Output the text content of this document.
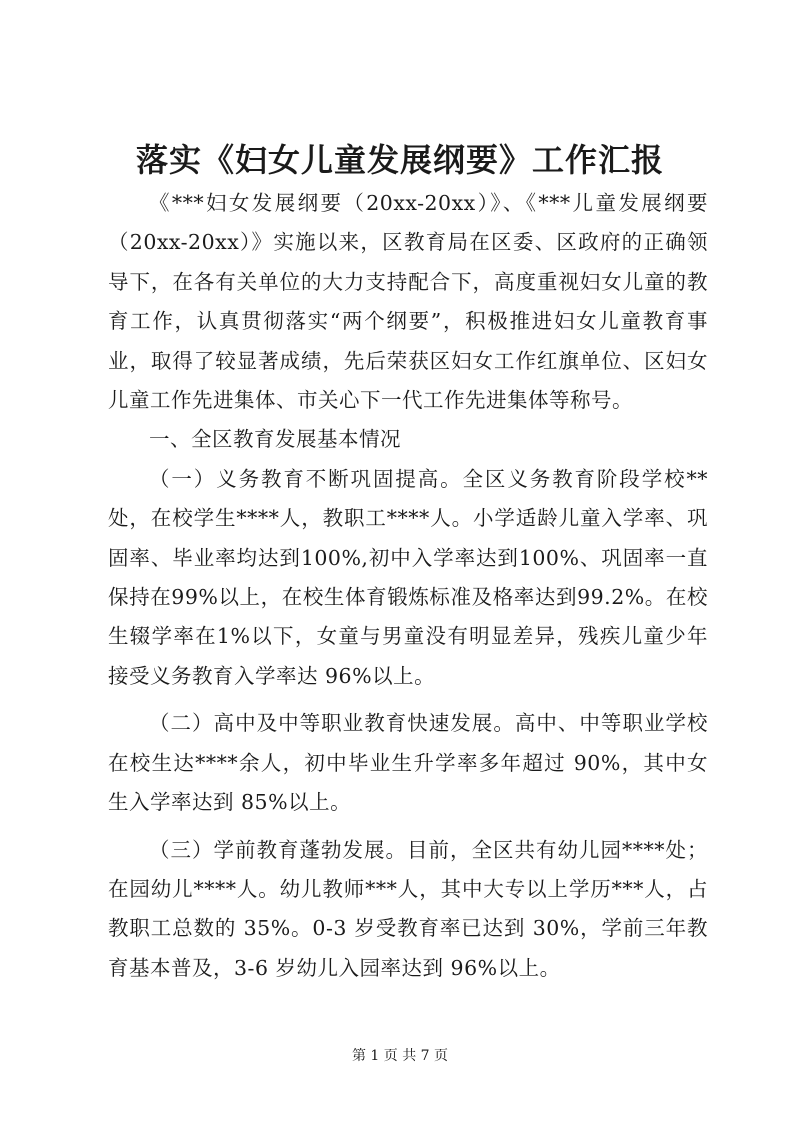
落实《妇女儿童发展纲要》工作汇报

《***妇女发展纲要（20xx-20xx）》、《***儿童发展纲要（20xx-20xx）》实施以来，区教育局在区委、区政府的正确领导下，在各有关单位的大力支持配合下，高度重视妇女儿童的教育工作，认真贯彻落实“两个纲要”，积极推进妇女儿童教育事业，取得了较显著成绩，先后荣获区妇女工作红旗单位、区妇女儿童工作先进集体、市关心下一代工作先进集体等称号。

一、全区教育发展基本情况

（一）义务教育不断巩固提高。全区义务教育阶段学校**处，在校学生****人，教职工****人。小学适龄儿童入学率、巩固率、毕业率均达到100%,初中入学率达到100%、巩固率一直保持在99%以上，在校生体育锻炼标准及格率达到99.2%。在校生辍学率在1%以下，女童与男童没有明显差异，残疾儿童少年接受义务教育入学率达 96%以上。

（二）高中及中等职业教育快速发展。高中、中等职业学校在校生达****余人，初中毕业生升学率多年超过 90%，其中女生入学率达到 85%以上。

（三）学前教育蓬勃发展。目前，全区共有幼儿园****处；在园幼儿****人。幼儿教师***人，其中大专以上学历***人，占教职工总数的 35%。0-3 岁受教育率已达到 30%，学前三年教育基本普及，3-6 岁幼儿入园率达到 96%以上。

第 1 页 共 7 页
